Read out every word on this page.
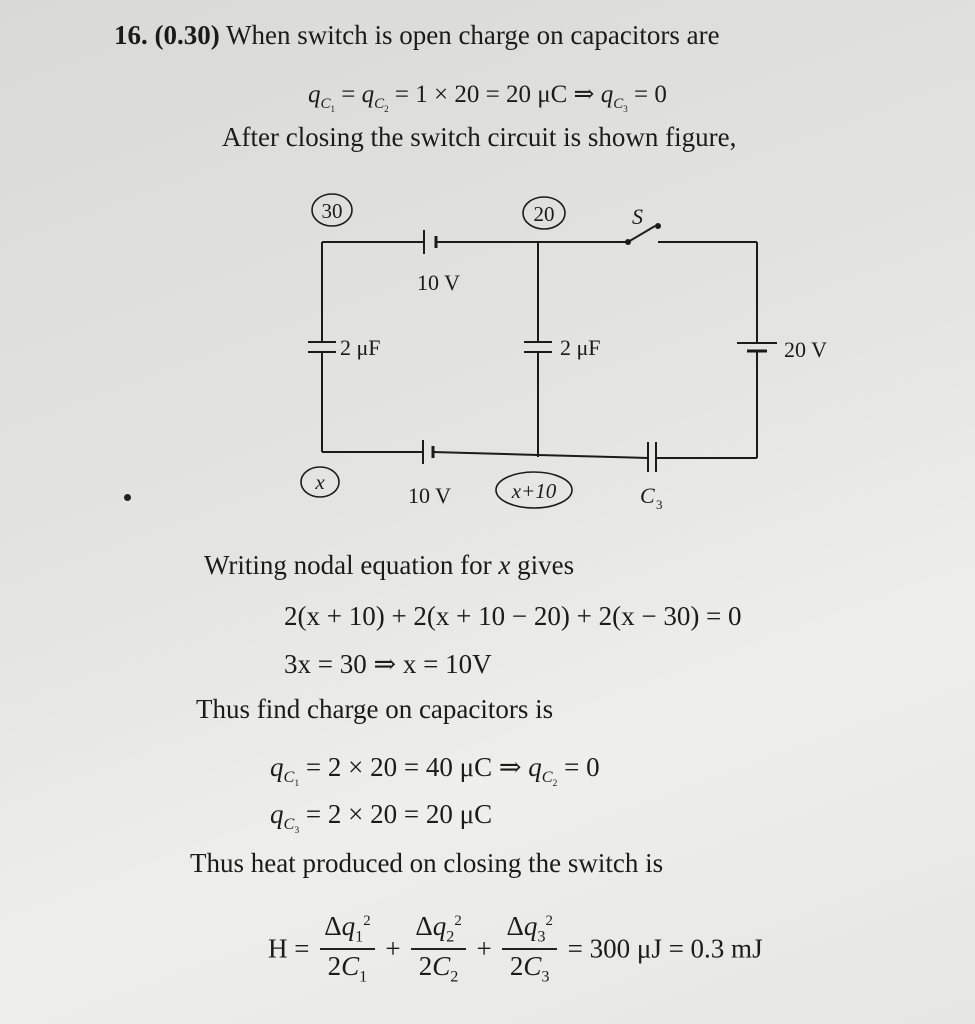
16. (0.30) When switch is open charge on capacitors are
$q_{C_1} = q_{C_2} = 1 \times 20 = 20$ μC ⇒ $q_{C_3} = 0$
After closing the switch circuit is shown figure,
30	20
x	x+10
S
10 V
10 V
2 μF	2 μF	20 V
C 3
Writing nodal equation for x gives
2(x + 10) + 2(x + 10 − 20) + 2(x − 30) = 0
3x = 30 ⇒ x = 10V
Thus find charge on capacitors is
$q_{C_1} = 2 \times 20 = 40$ μC ⇒ $q_{C_2} = 0$
$q_{C_3} = 2 \times 20 = 20$ μC
Thus heat produced on closing the switch is
$H = \frac{\Delta q_1^2}{2C_1} + \frac{\Delta q_2^2}{2C_2} + \frac{\Delta q_3^2}{2C_3} = 300$ μJ = 0.3 mJ
